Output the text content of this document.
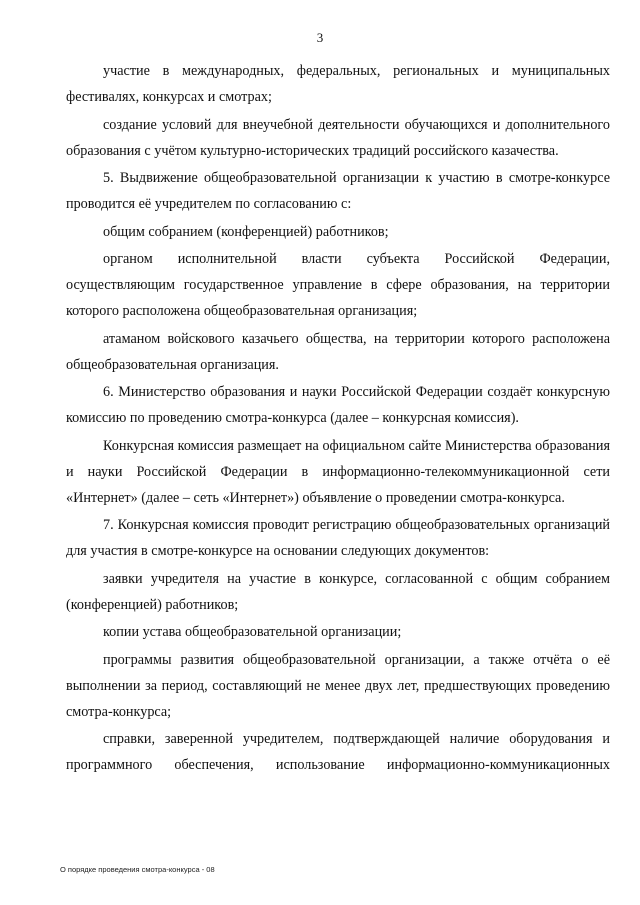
3

участие в международных, федеральных, региональных и муниципальных фестивалях, конкурсах и смотрах;

создание условий для внеучебной деятельности обучающихся и дополнительного образования с учётом культурно-исторических традиций российского казачества.

5. Выдвижение общеобразовательной организации к участию в смотре-конкурсе проводится её учредителем по согласованию с:

общим собранием (конференцией) работников;

органом исполнительной власти субъекта Российской Федерации, осуществляющим государственное управление в сфере образования, на территории которого расположена общеобразовательная организация;

атаманом войскового казачьего общества, на территории которого расположена общеобразовательная организация.

6. Министерство образования и науки Российской Федерации создаёт конкурсную комиссию по проведению смотра-конкурса (далее – конкурсная комиссия).

Конкурсная комиссия размещает на официальном сайте Министерства образования и науки Российской Федерации в информационно-телекоммуникационной сети «Интернет» (далее – сеть «Интернет») объявление о проведении смотра-конкурса.

7. Конкурсная комиссия проводит регистрацию общеобразовательных организаций для участия в смотре-конкурсе на основании следующих документов:

заявки учредителя на участие в конкурсе, согласованной с общим собранием (конференцией) работников;

копии устава общеобразовательной организации;

программы развития общеобразовательной организации, а также отчёта о её выполнении за период, составляющий не менее двух лет, предшествующих проведению смотра-конкурса;

справки, заверенной учредителем, подтверждающей наличие оборудования и программного обеспечения, использование информационно-коммуникационных

О порядке проведения смотра-конкурса - 08
